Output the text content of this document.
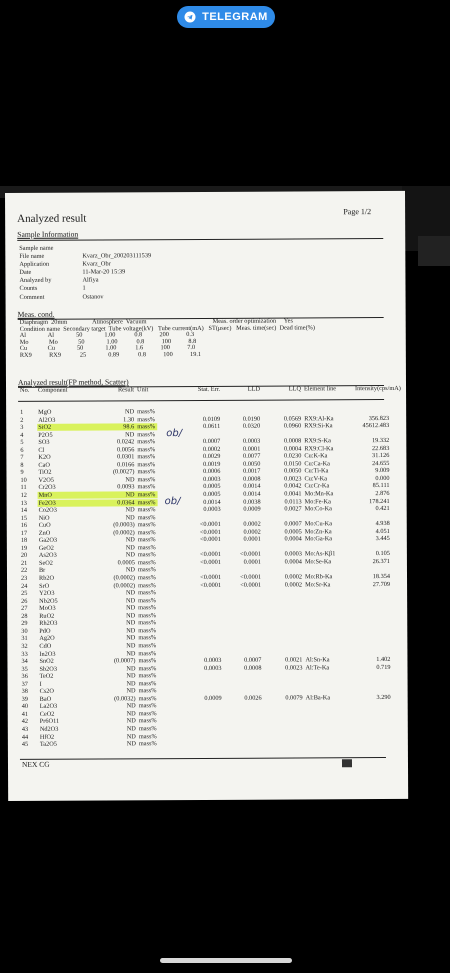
TELEGRAM
Page 1/2
Analyzed result
Sample Information
Sample name
File name	Kvarz_Obr_200203111539
Application	Kvarz_Obr
Date	11-Mar-20 15:39
Analyzed by	Alfiya
Counts	1
Comment	Ostanov
Meas. cond.
Diaphragm  20mm                Atmosphere  Vacuum                                          Meas. order optimization     Yes
Condition name  Secondary target  Tube voltage(kV)   Tube current(mA)   ST(μsec)   Meas. time(sec)  Dead time(%)
Al              Al              50              1.00            0.8           200           0.3
Mo             Mo             50              1.00            0.8           100           8.8
Cu             Cu              50              1.00            1.6           100           7.0
RX9           RX9            25              0.89            0.8           100           19.1
Analyzed result(FP method, Scatter)
No.	Component	Result Unit	Stat. Err.	LLD	LLQ Element line	Intensity(cps/mA)
1	MgO	ND mass%
2	Al2O3	1.30 mass%	0.0109	0.0190	0.0569 RX9:Al-Ka	356.823
3	SiO2	98.6 mass%	0.0611	0.0320	0.0960 RX9:Si-Ka	45612.483
4	P2O5	ND mass%
5	SO3	0.0242 mass%	0.0007	0.0003	0.0008 RX9:S-Ka	19.332
6	Cl	0.0056 mass%	0.0002	0.0001	0.0004 RX9:Cl-Ka	22.683
7	K2O	0.0301 mass%	0.0029	0.0077	0.0230 Cu:K-Ka	31.126
8	CaO	0.0166 mass%	0.0019	0.0050	0.0150 Cu:Ca-Ka	24.655
9	TiO2	(0.0027) mass%	0.0006	0.0017	0.0050 Cu:Ti-Ka	9.009
10	V2O5	ND mass%	0.0003	0.0008	0.0023 Cu:V-Ka	0.000
11	Cr2O3	0.0093 mass%	0.0005	0.0014	0.0042 Cu:Cr-Ka	85.111
12	MnO	ND mass%	0.0005	0.0014	0.0041 Mo:Mn-Ka	2.876
13	Fe2O3	0.0364 mass%	0.0014	0.0038	0.0113 Mo:Fe-Ka	178.241
14	Co2O3	ND mass%	0.0003	0.0009	0.0027 Mo:Co-Ka	0.421
15	NiO	ND mass%
16	CuO	(0.0003) mass%	<0.0001	0.0002	0.0007 Mo:Cu-Ka	4.938
17	ZnO	(0.0002) mass%	<0.0001	0.0002	0.0005 Mo:Zn-Ka	4.051
18	Ga2O3	ND mass%	<0.0001	0.0001	0.0004 Mo:Ga-Ka	3.445
19	GeO2	ND mass%
20	As2O3	ND mass%	<0.0001	<0.0001	0.0003 Mo:As-Kβ1	0.105
21	SeO2	0.0005 mass%	<0.0001	0.0001	0.0004 Mo:Se-Ka	26.371
22	Br	ND mass%
23	Rb2O	(0.0002) mass%	<0.0001	<0.0001	0.0002 Mo:Rb-Ka	18.354
24	SrO	(0.0002) mass%	<0.0001	<0.0001	0.0002 Mo:Sr-Ka	27.709
25	Y2O3	ND mass%
26	Nb2O5	ND mass%
27	MoO3	ND mass%
28	RuO2	ND mass%
29	Rh2O3	ND mass%
30	PdO	ND mass%
31	Ag2O	ND mass%
32	CdO	ND mass%
33	In2O3	ND mass%
34	SnO2	(0.0007) mass%	0.0003	0.0007	0.0021 Al:Sn-Ka	1.402
35	Sb2O3	ND mass%	0.0003	0.0008	0.0023 Al:Te-Ka	0.719
36	TeO2	ND mass%
37	I	ND mass%
38	Cs2O	ND mass%
39	BaO	(0.0032) mass%	0.0009	0.0026	0.0079 Al:Ba-Ka	3.290
40	La2O3	ND mass%
41	CeO2	ND mass%
42	Pr6O11	ND mass%
43	Nd2O3	ND mass%
44	HfO2	ND mass%
45	Ta2O5	ND mass%
ob/
ob/
NEX CG
